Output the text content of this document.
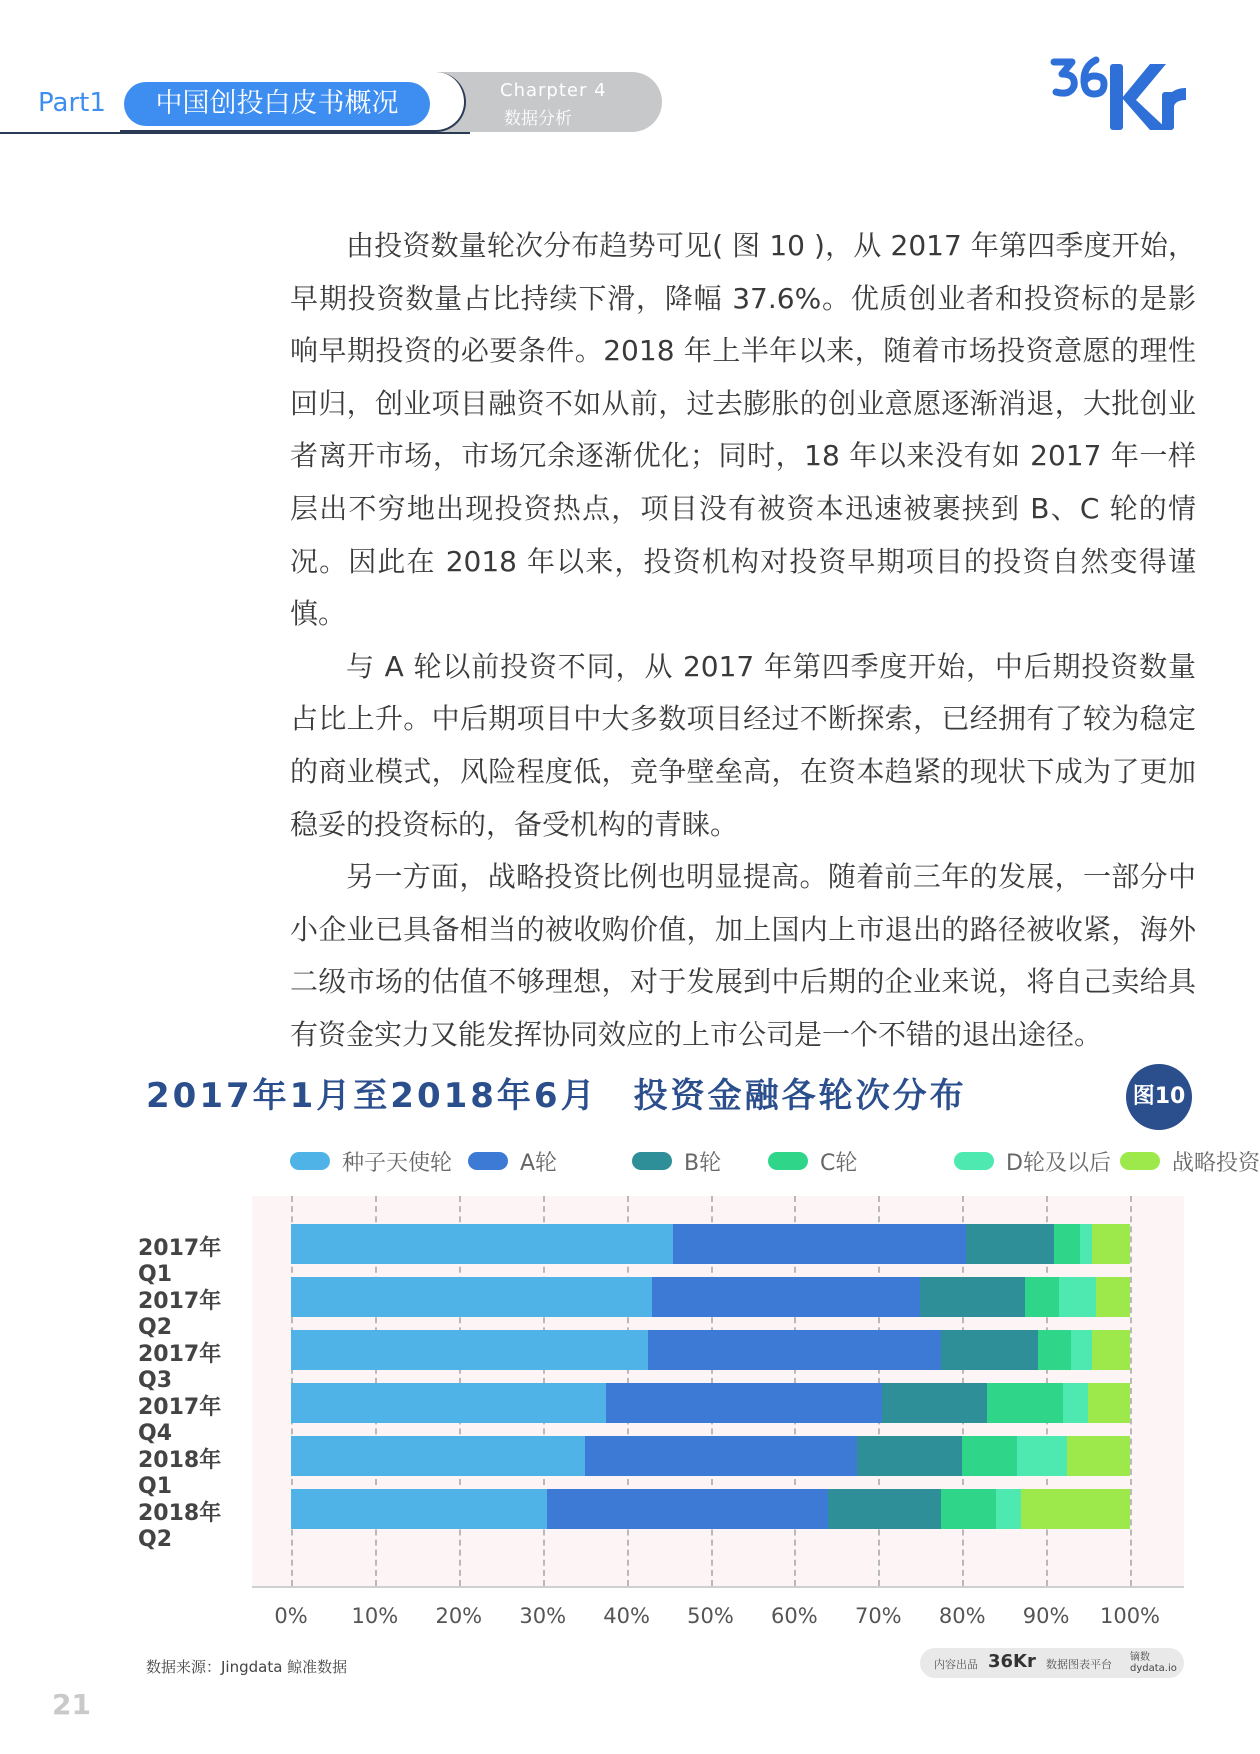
Charpter 4
数据分析
中国创投白皮书概况
Part1

由投资数量轮次分布趋势可见( 图 10 )，从 2017 年第四季度开始，早期投资数量占比持续下滑，降幅 37.6%。优质创业者和投资标的是影响早期投资的必要条件。2018 年上半年以来，随着市场投资意愿的理性回归，创业项目融资不如从前，过去膨胀的创业意愿逐渐消退，大批创业者离开市场，市场冗余逐渐优化；同时，18 年以来没有如 2017 年一样层出不穷地出现投资热点，项目没有被资本迅速被裹挟到 B、C 轮的情况。因此在 2018 年以来，投资机构对投资早期项目的投资自然变得谨慎。

与 A 轮以前投资不同，从 2017 年第四季度开始，中后期投资数量占比上升。中后期项目中大多数项目经过不断探索，已经拥有了较为稳定的商业模式，风险程度低，竞争壁垒高，在资本趋紧的现状下成为了更加稳妥的投资标的，备受机构的青睐。

另一方面，战略投资比例也明显提高。随着前三年的发展，一部分中小企业已具备相当的被收购价值，加上国内上市退出的路径被收紧，海外二级市场的估值不够理想，对于发展到中后期的企业来说，将自己卖给具有资金实力又能发挥协同效应的上市公司是一个不错的退出途径。

2017年1月至2018年6月 投资金融各轮次分布	图10
种子天使轮	A轮	B轮	C轮	D轮及以后	战略投资
2017年Q1
2017年Q2
2017年Q3
2017年Q4
2018年Q1
2018年Q2
0%	10%	20%	30%	40%	50%	60%	70%	80%	90%	100%
数据来源：Jingdata 鲸准数据	内容出品 36Kr 数据图表平台
镝数
dydata.io
21
